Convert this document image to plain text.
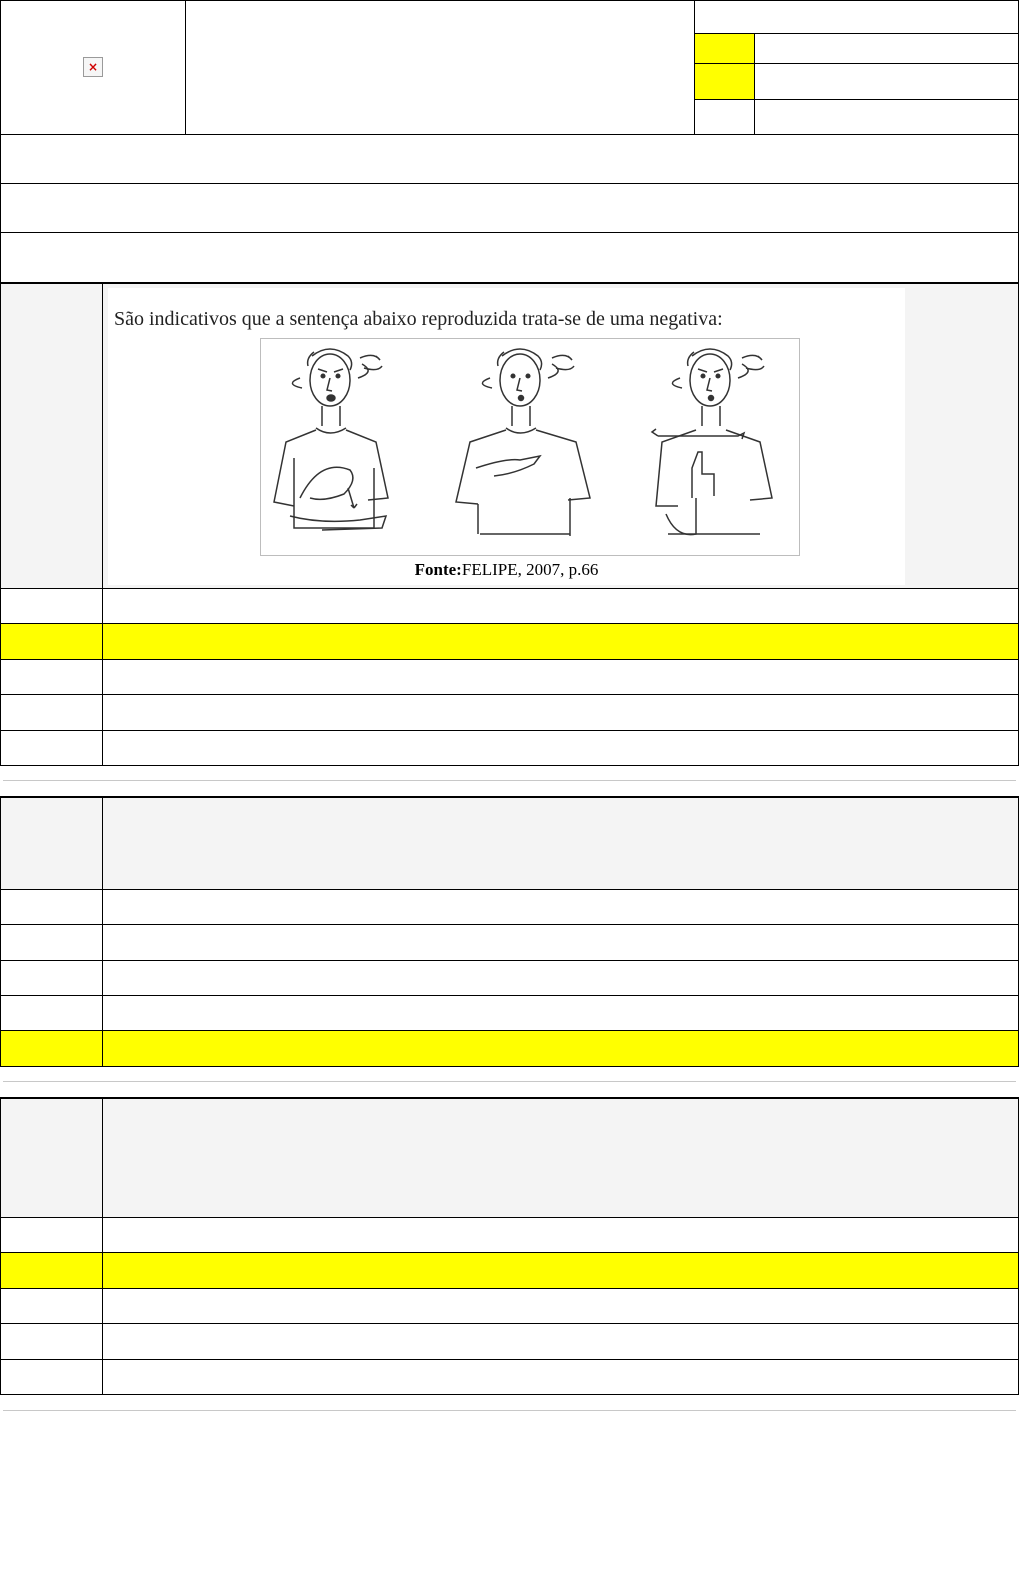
×
São indicativos que a sentença abaixo reproduzida trata-se de uma negativa:
Fonte:FELIPE, 2007, p.66
